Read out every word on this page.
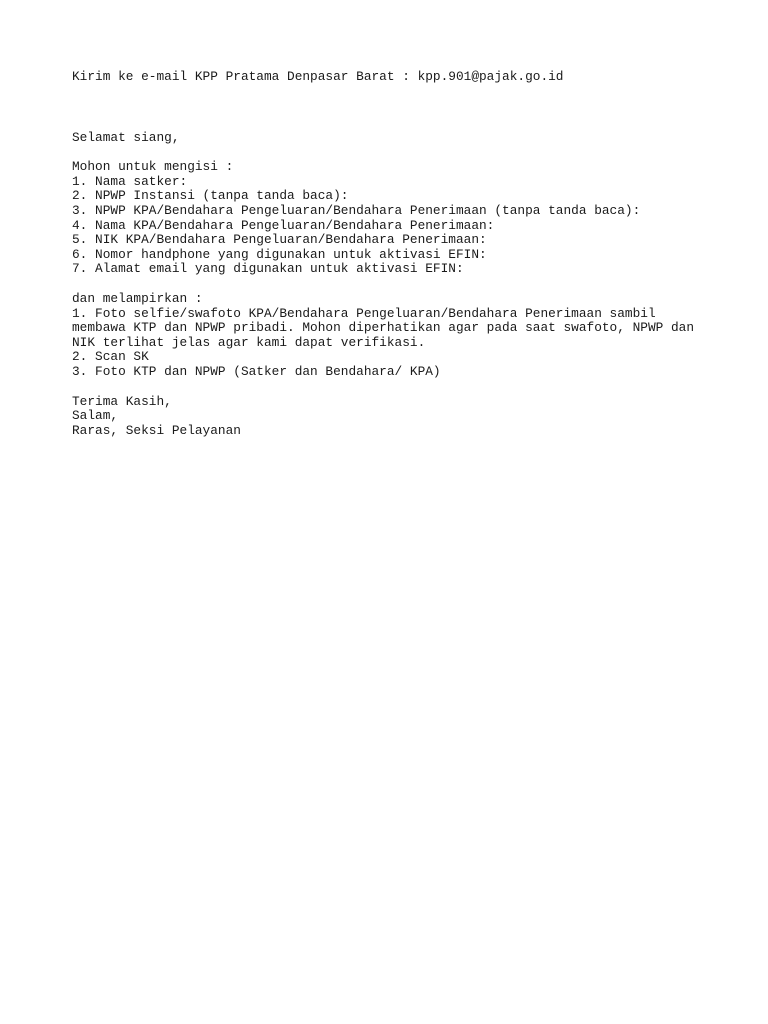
Kirim ke e-mail KPP Pratama Denpasar Barat : kpp.901@pajak.go.id
Selamat siang,
Mohon untuk mengisi :
1. Nama satker:
2. NPWP Instansi (tanpa tanda baca):
3. NPWP KPA/Bendahara Pengeluaran/Bendahara Penerimaan (tanpa tanda baca):
4. Nama KPA/Bendahara Pengeluaran/Bendahara Penerimaan:
5. NIK KPA/Bendahara Pengeluaran/Bendahara Penerimaan:
6. Nomor handphone yang digunakan untuk aktivasi EFIN:
7. Alamat email yang digunakan untuk aktivasi EFIN:
dan melampirkan :
1. Foto selfie/swafoto KPA/Bendahara Pengeluaran/Bendahara Penerimaan sambil
membawa KTP dan NPWP pribadi. Mohon diperhatikan agar pada saat swafoto, NPWP dan
NIK terlihat jelas agar kami dapat verifikasi.
2. Scan SK
3. Foto KTP dan NPWP (Satker dan Bendahara/ KPA)
Terima Kasih,
Salam,
Raras, Seksi Pelayanan
